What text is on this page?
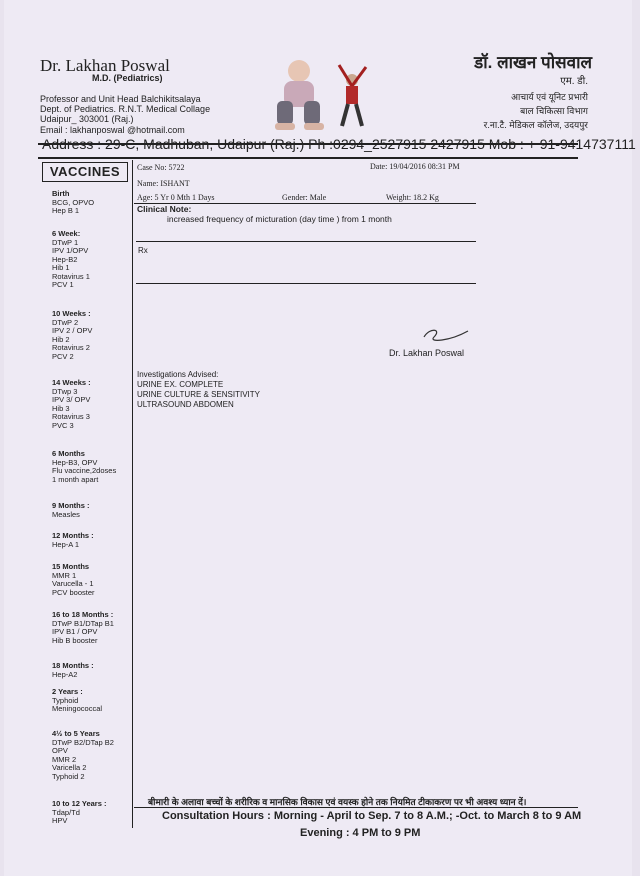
Dr. Lakhan Poswal
M.D. (Pediatrics)
Professor and Unit Head Balchikitsalaya
Dept. of Pediatrics. R.N.T. Medical Collage
Udaipur_ 303001 (Raj.)
Email : lakhanposwal @hotmail.com
डॉ. लाखन पोसवाल
एम. डी.
आचार्य एवं यूनिट प्रभारी
बाल चिकित्सा विभाग
र.ना.टै. मेडिकल कॉलेज, उदयपुर
Address : 29-C, Madhuban, Udaipur (Raj.) Ph :0294_2527915 2427915 Mob : + 91-9414737111
VACCINES
Birth
BCG, OPVO
Hep B 1
6 Week:
DTwP 1
IPV 1/OPV
Hep-B2
Hib 1
Rotavirus 1
PCV 1
10 Weeks :
DTwP 2
IPV 2 / OPV
Hib 2
Rotavirus 2
PCV 2
14 Weeks :
DTwp 3
IPV 3/ OPV
Hib 3
Rotavirus 3
PVC 3
6 Months
Hep-B3, OPV
Flu vaccine,2doses
1 month apart
9 Months :
Measles
12 Months :
Hep-A 1
15 Months
MMR 1
Varucella - 1
PCV booster
16 to 18 Months :
DTwP B1/DTap B1
IPV B1 / OPV
Hib B booster
18 Months :
Hep-A2
2 Years :
Typhoid
Meningococcal
4½ to 5 Years
DTwP B2/DTap B2
OPV
MMR 2
Varicella 2
Typhoid 2
10 to 12 Years :
Tdap/Td
HPV
Case No: 5722	Date: 19/04/2016 08:31 PM
Name: ISHANT
Age: 5 Yr 0 Mth 1 Days	Gender: Male	Weight: 18.2 Kg
Clinical Note:
increased frequency of micturation (day time ) from 1 month
Rx
Dr. Lakhan Poswal
Investigations Advised:
URINE EX. COMPLETE
URINE CULTURE & SENSITIVITY
ULTRASOUND ABDOMEN
बीमारी के अलावा बच्चों के शरीरिक व मानसिक विकास एवं वयस्क होने तक नियमित टीकाकरण पर भी अवश्य ध्यान दें।
Consultation Hours : Morning - April to Sep. 7 to 8 A.M.; -Oct. to March 8 to 9 AM
Evening : 4 PM to 9 PM
